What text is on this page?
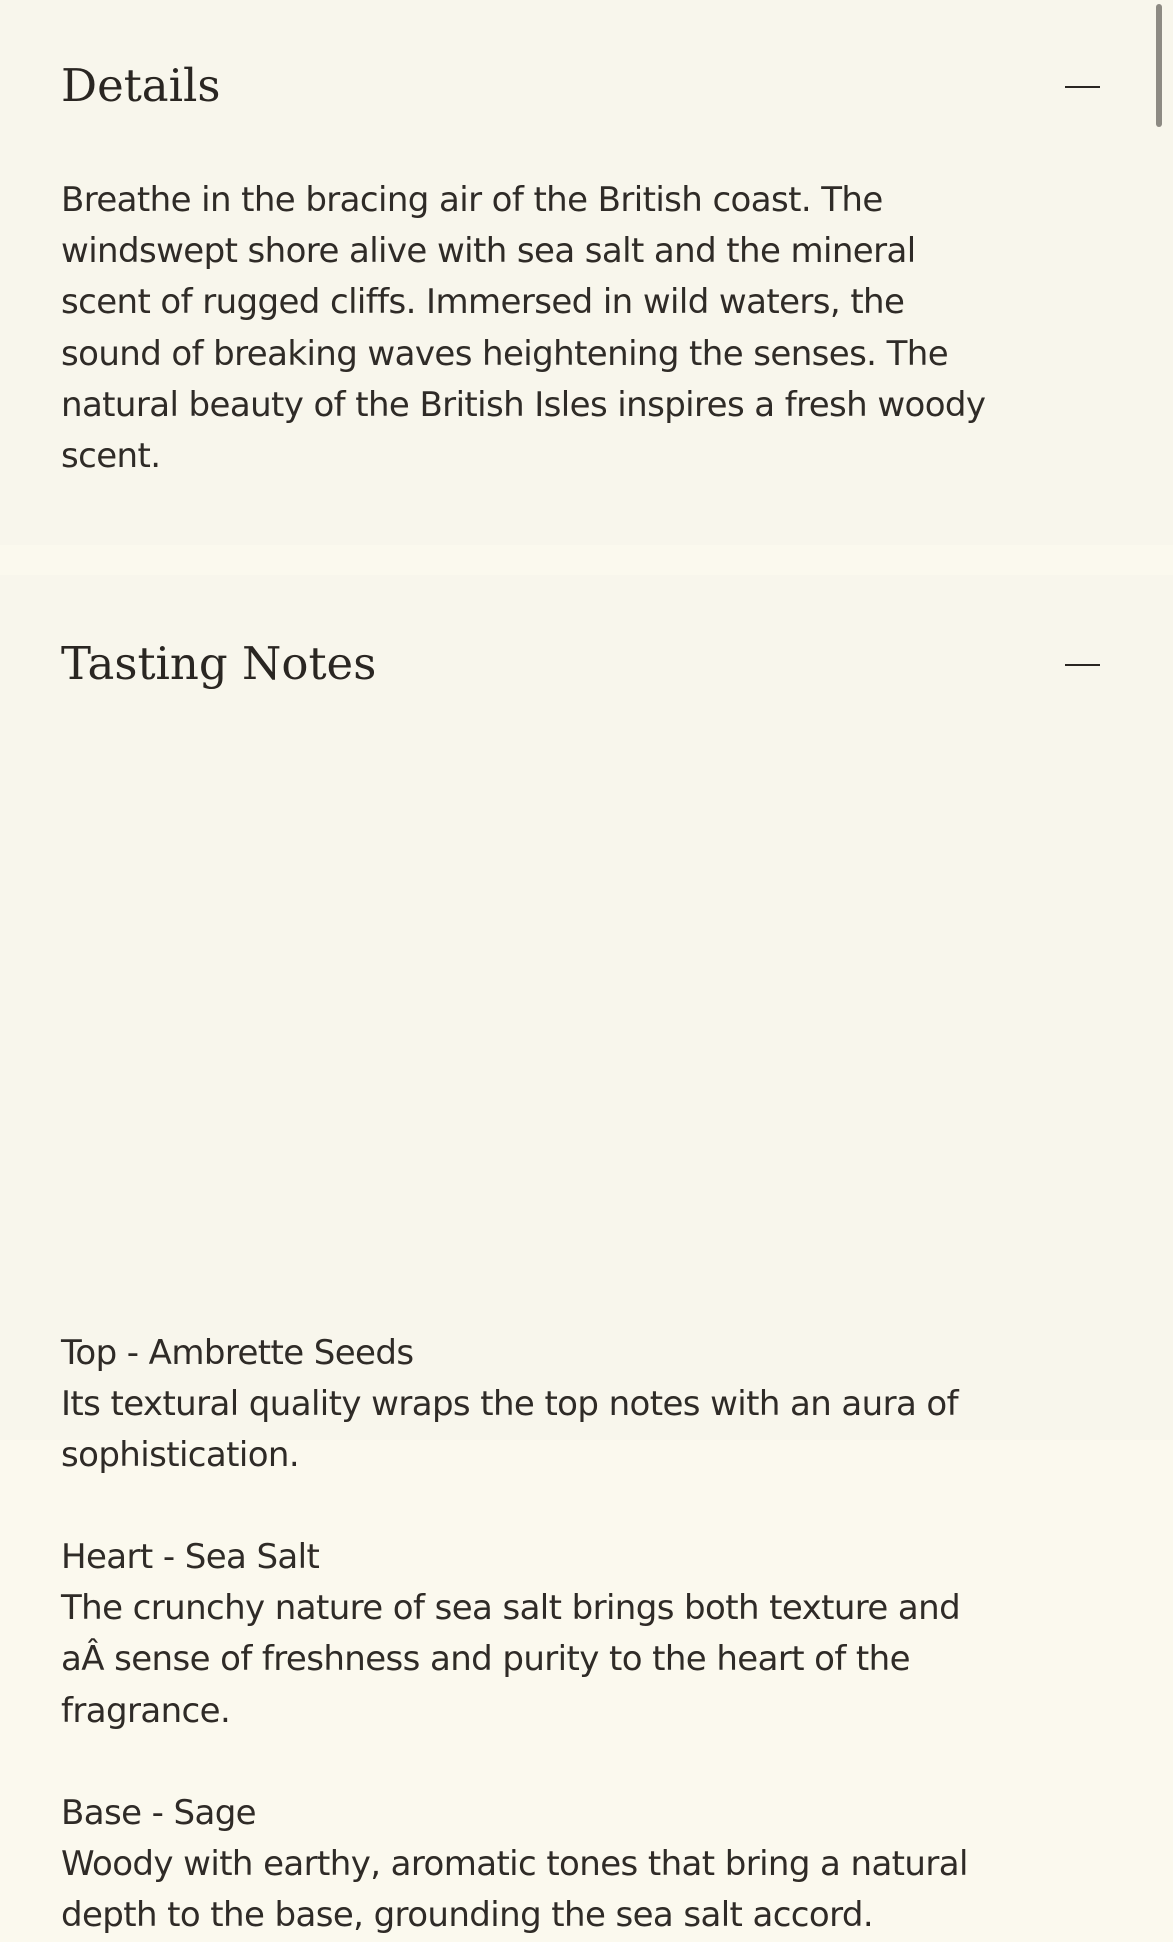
Details

Breathe in the bracing air of the British coast. The
windswept shore alive with sea salt and the mineral
scent of rugged cliffs. Immersed in wild waters, the
sound of breaking waves heightening the senses. The
natural beauty of the British Isles inspires a fresh woody
scent.

Tasting Notes

Top - Ambrette Seeds
Its textural quality wraps the top notes with an aura of
sophistication.

Heart - Sea Salt
The crunchy nature of sea salt brings both texture and
aÂ sense of freshness and purity to the heart of the
fragrance.

Base - Sage
Woody with earthy, aromatic tones that bring a natural
depth to the base, grounding the sea salt accord.
